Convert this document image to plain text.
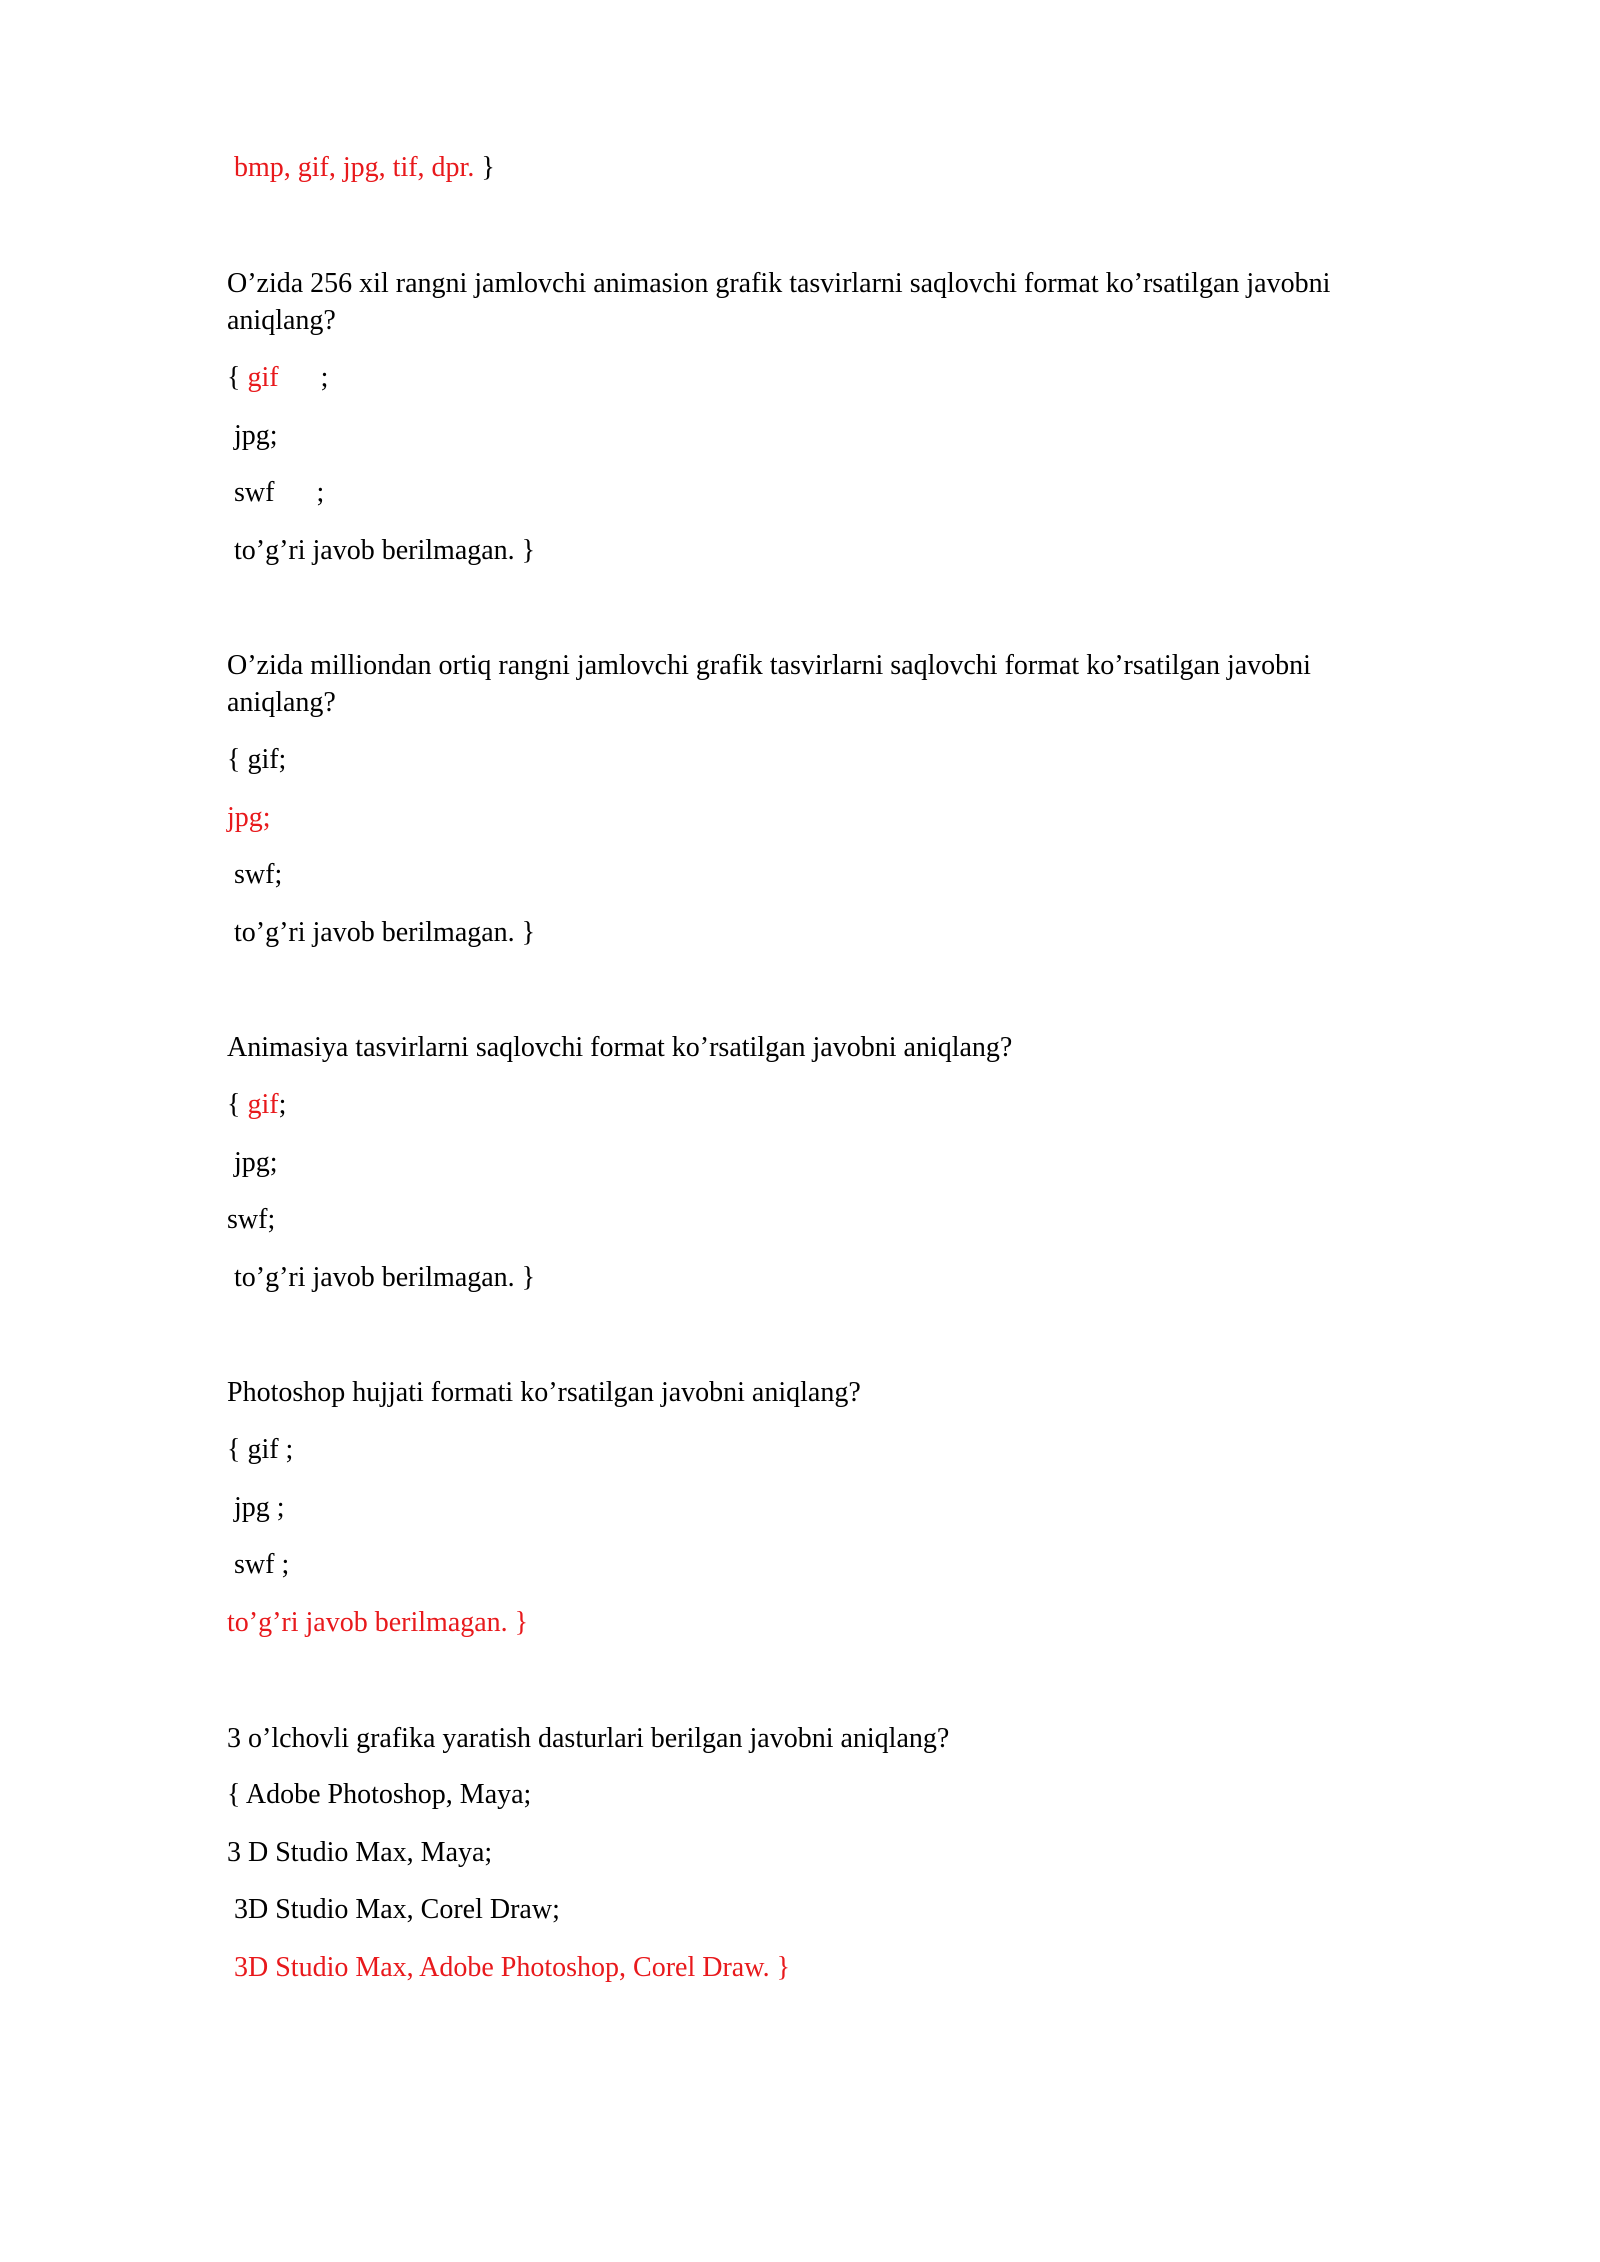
bmp, gif, jpg, tif, dpr. }
O’zida 256 xil rangni jamlovchi animasion grafik tasvirlarni saqlovchi format ko’rsatilgan javobni aniqlang?
{ gif      ;
jpg;
swf      ;
to’g’ri javob berilmagan. }
O’zida milliondan ortiq rangni jamlovchi grafik tasvirlarni saqlovchi format ko’rsatilgan javobni aniqlang?
{ gif;
jpg;
swf;
to’g’ri javob berilmagan. }
Animasiya tasvirlarni saqlovchi format ko’rsatilgan javobni aniqlang?
{ gif;
jpg;
swf;
to’g’ri javob berilmagan. }
Photoshop hujjati formati ko’rsatilgan javobni aniqlang?
{ gif ;
jpg ;
swf ;
to’g’ri javob berilmagan. }
3 o’lchovli grafika yaratish dasturlari berilgan javobni aniqlang?
{ Adobe Photoshop, Maya;
3 D Studio Max, Maya;
3D Studio Max, Corel Draw;
3D Studio Max, Adobe Photoshop, Corel Draw. }
